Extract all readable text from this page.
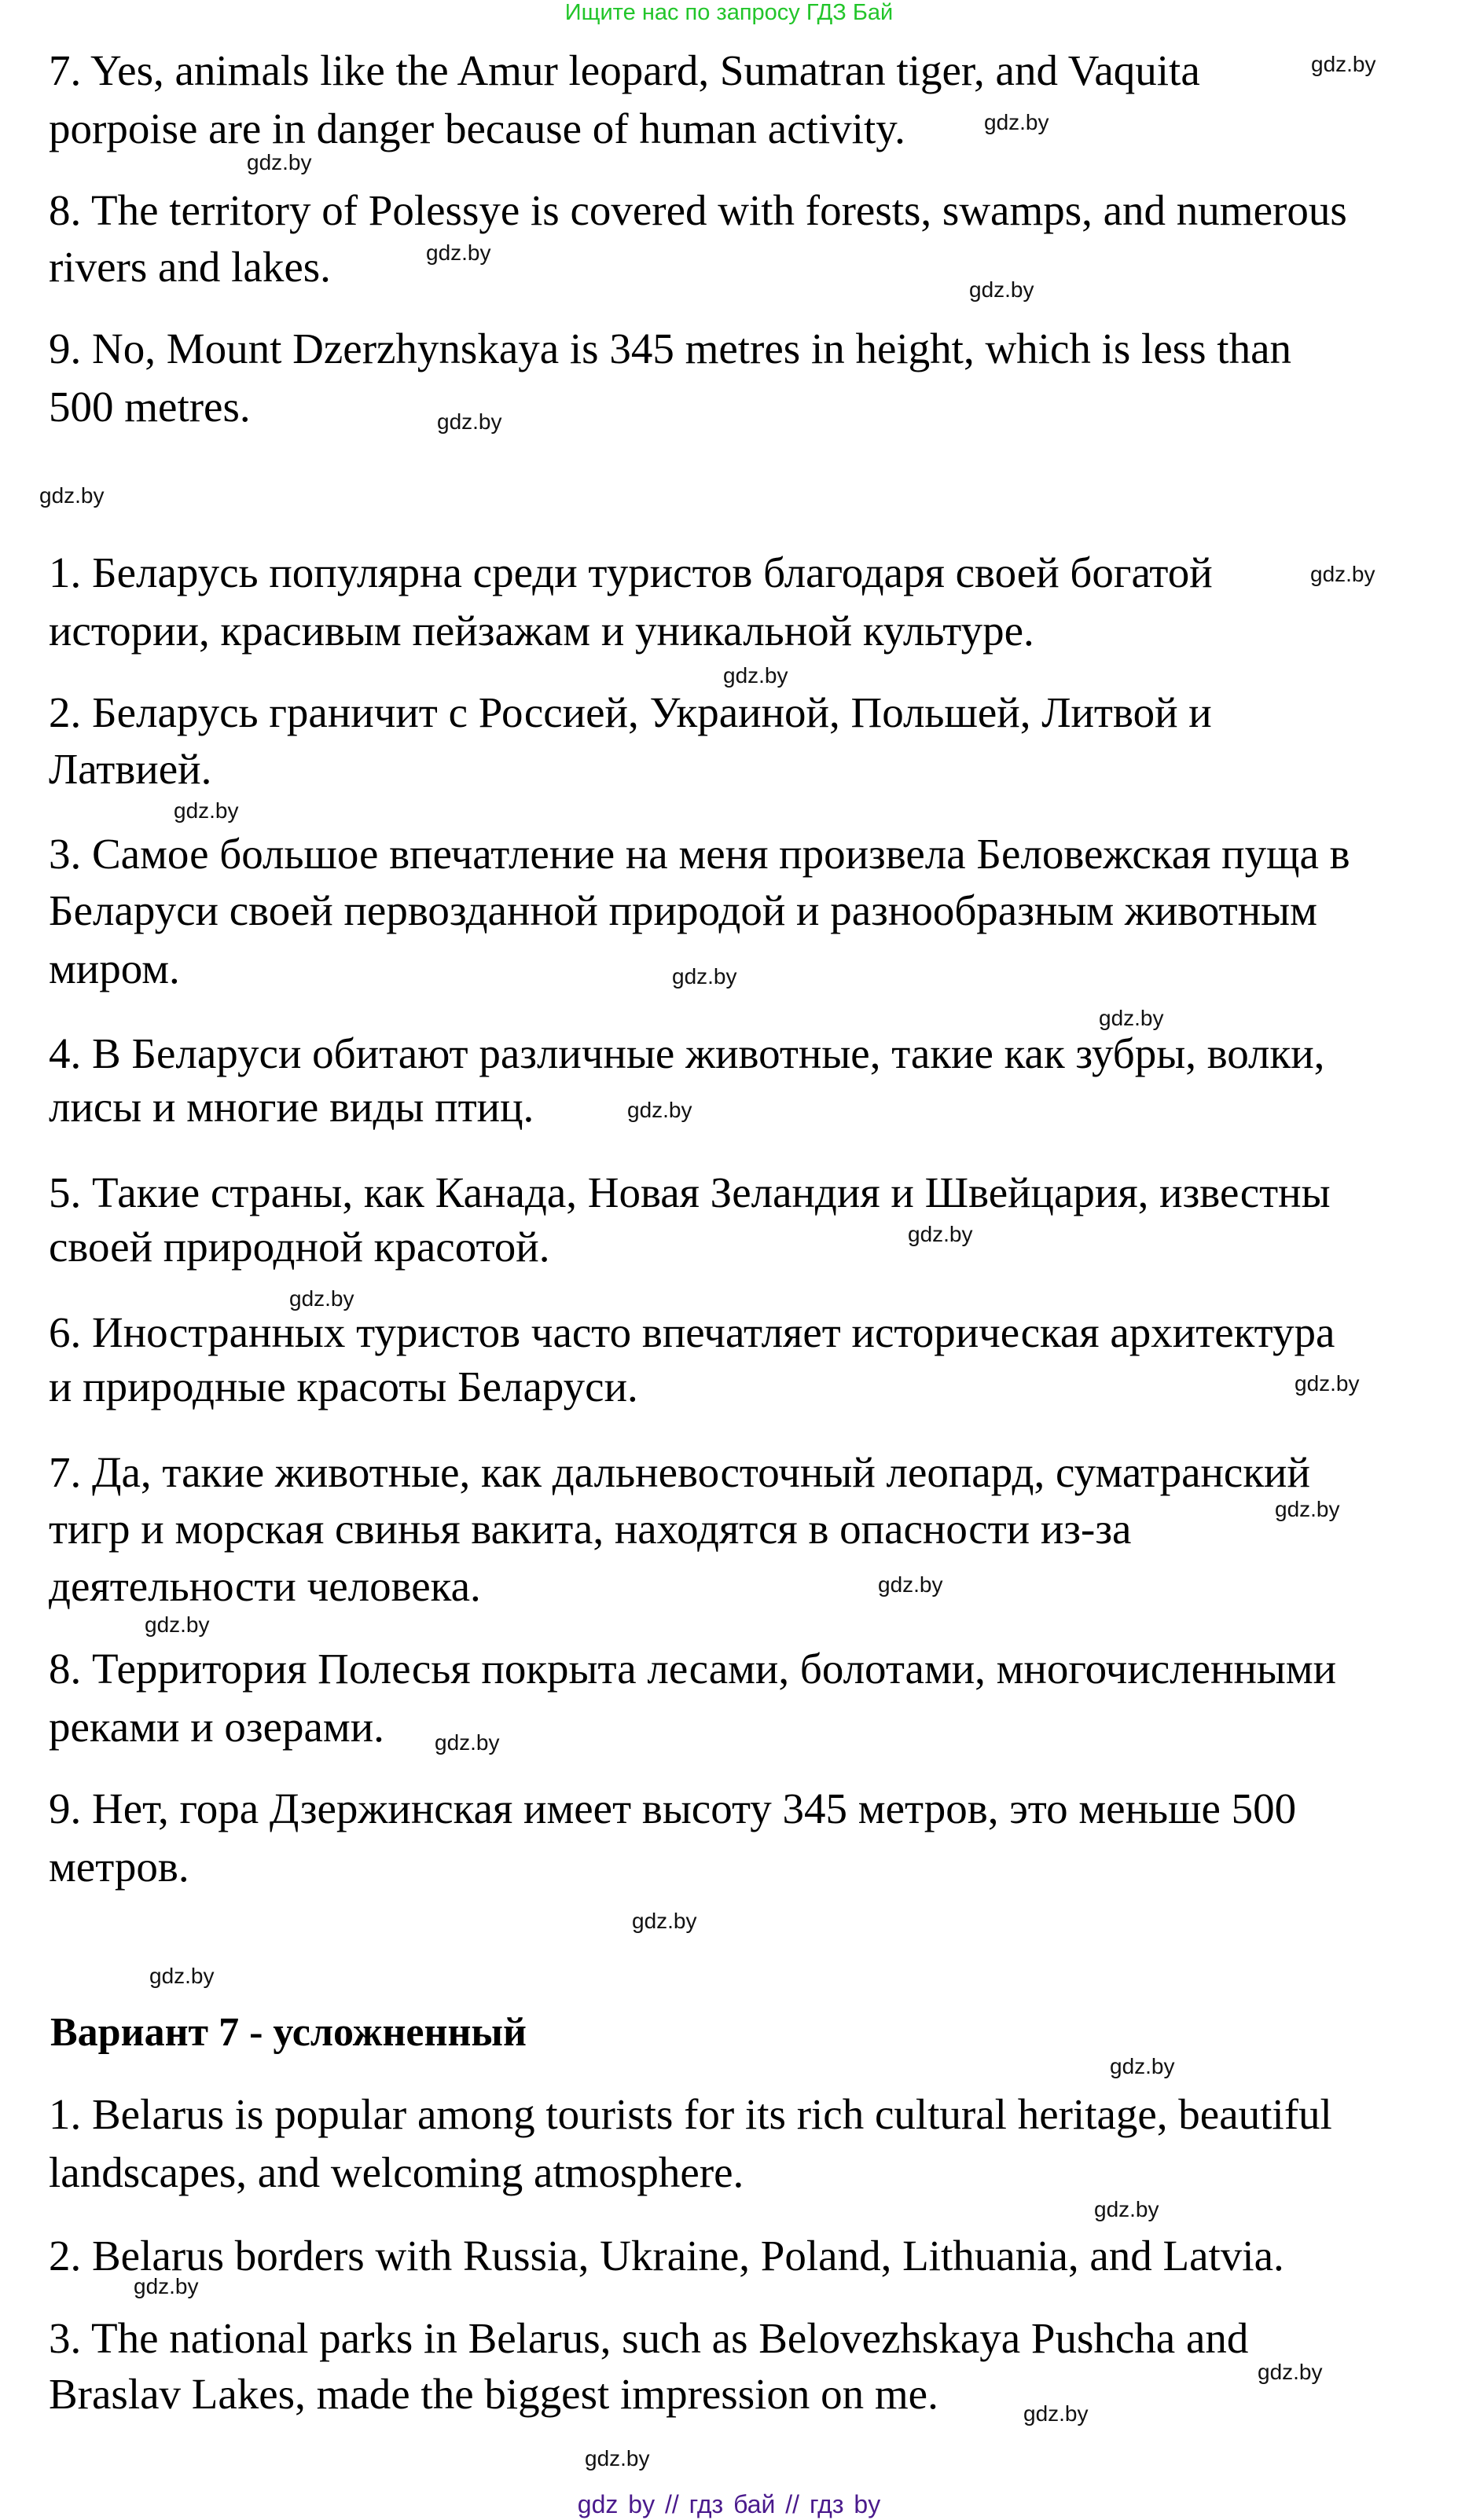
Ищите нас по запросу ГДЗ Бай
7. Yes, animals like the Amur leopard, Sumatran tiger, and Vaquita
porpoise are in danger because of human activity.
8. The territory of Polessye is covered with forests, swamps, and numerous
rivers and lakes.
9. No, Mount Dzerzhynskaya is 345 metres in height, which is less than
500 metres.
1. Беларусь популярна среди туристов благодаря своей богатой
истории, красивым пейзажам и уникальной культуре.
2. Беларусь граничит с Россией, Украиной, Польшей, Литвой и
Латвией.
3. Самое большое впечатление на меня произвела Беловежская пуща в
Беларуси своей первозданной природой и разнообразным животным
миром.
4. В Беларуси обитают различные животные, такие как зубры, волки,
лисы и многие виды птиц.
5. Такие страны, как Канада, Новая Зеландия и Швейцария, известны
своей природной красотой.
6. Иностранных туристов часто впечатляет историческая архитектура
и природные красоты Беларуси.
7. Да, такие животные, как дальневосточный леопард, суматранский
тигр и морская свинья вакита, находятся в опасности из-за
деятельности человека.
8. Территория Полесья покрыта лесами, болотами, многочисленными
реками и озерами.
9. Нет, гора Дзержинская имеет высоту 345 метров, это меньше 500
метров.
Вариант 7 - усложненный
1. Belarus is popular among tourists for its rich cultural heritage, beautiful
landscapes, and welcoming atmosphere.
2. Belarus borders with Russia, Ukraine, Poland, Lithuania, and Latvia.
3. The national parks in Belarus, such as Belovezhskaya Pushcha and
Braslav Lakes, made the biggest impression on me.
gdz.by
gdz.by
gdz.by
gdz.by
gdz.by
gdz.by
gdz.by
gdz.by
gdz.by
gdz.by
gdz.by
gdz.by
gdz.by
gdz.by
gdz.by
gdz.by
gdz.by
gdz.by
gdz.by
gdz.by
gdz.by
gdz.by
gdz.by
gdz.by
gdz.by
gdz.by
gdz.by
gdz.by
gdz by // гдз бай // гдз by
